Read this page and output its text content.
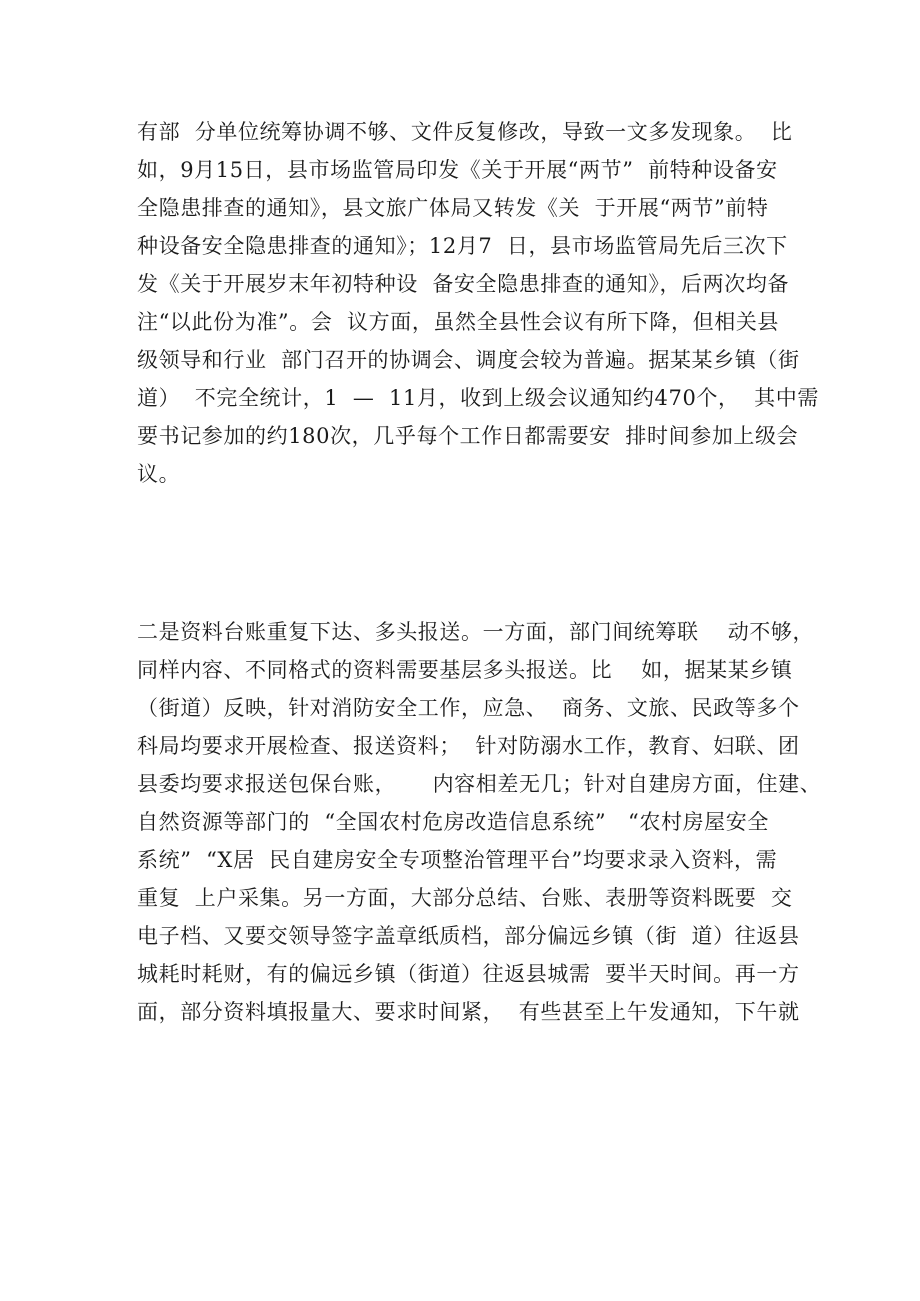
有部  分单位统筹协调不够、文件反复修改，导致一文多发现象。  比
如，9月15日，县市场监管局印发《关于开展“两节”  前特种设备安
全隐患排查的通知》，县文旅广体局又转发《关  于开展“两节”前特
种设备安全隐患排查的通知》；12月7  日，县市场监管局先后三次下
发《关于开展岁末年初特种设  备安全隐患排查的通知》，后两次均备
注“以此份为准”。会  议方面，虽然全县性会议有所下降，但相关县
级领导和行业  部门召开的协调会、调度会较为普遍。据某某乡镇（街
道）  不完全统计，1  —  11月，收到上级会议通知约470个，  其中需
要书记参加的约180次，几乎每个工作日都需要安  排时间参加上级会
议。
二是资料台账重复下达、多头报送。一方面，部门间统筹联    动不够，
同样内容、不同格式的资料需要基层多头报送。比    如，据某某乡镇
（街道）反映，针对消防安全工作，应急、  商务、文旅、民政等多个
科局均要求开展检查、报送资料；  针对防溺水工作，教育、妇联、团
县委均要求报送包保台账，     内容相差无几；针对自建房方面，住建、
自然资源等部门的  “全国农村危房改造信息系统”   “农村房屋安全
系统”  “X居  民自建房安全专项整治管理平台”均要求录入资料，需
重复  上户采集。另一方面，大部分总结、台账、表册等资料既要  交
电子档、又要交领导签字盖章纸质档，部分偏远乡镇（街  道）往返县
城耗时耗财，有的偏远乡镇（街道）往返县城需  要半天时间。再一方
面，部分资料填报量大、要求时间紧，  有些甚至上午发通知，下午就
